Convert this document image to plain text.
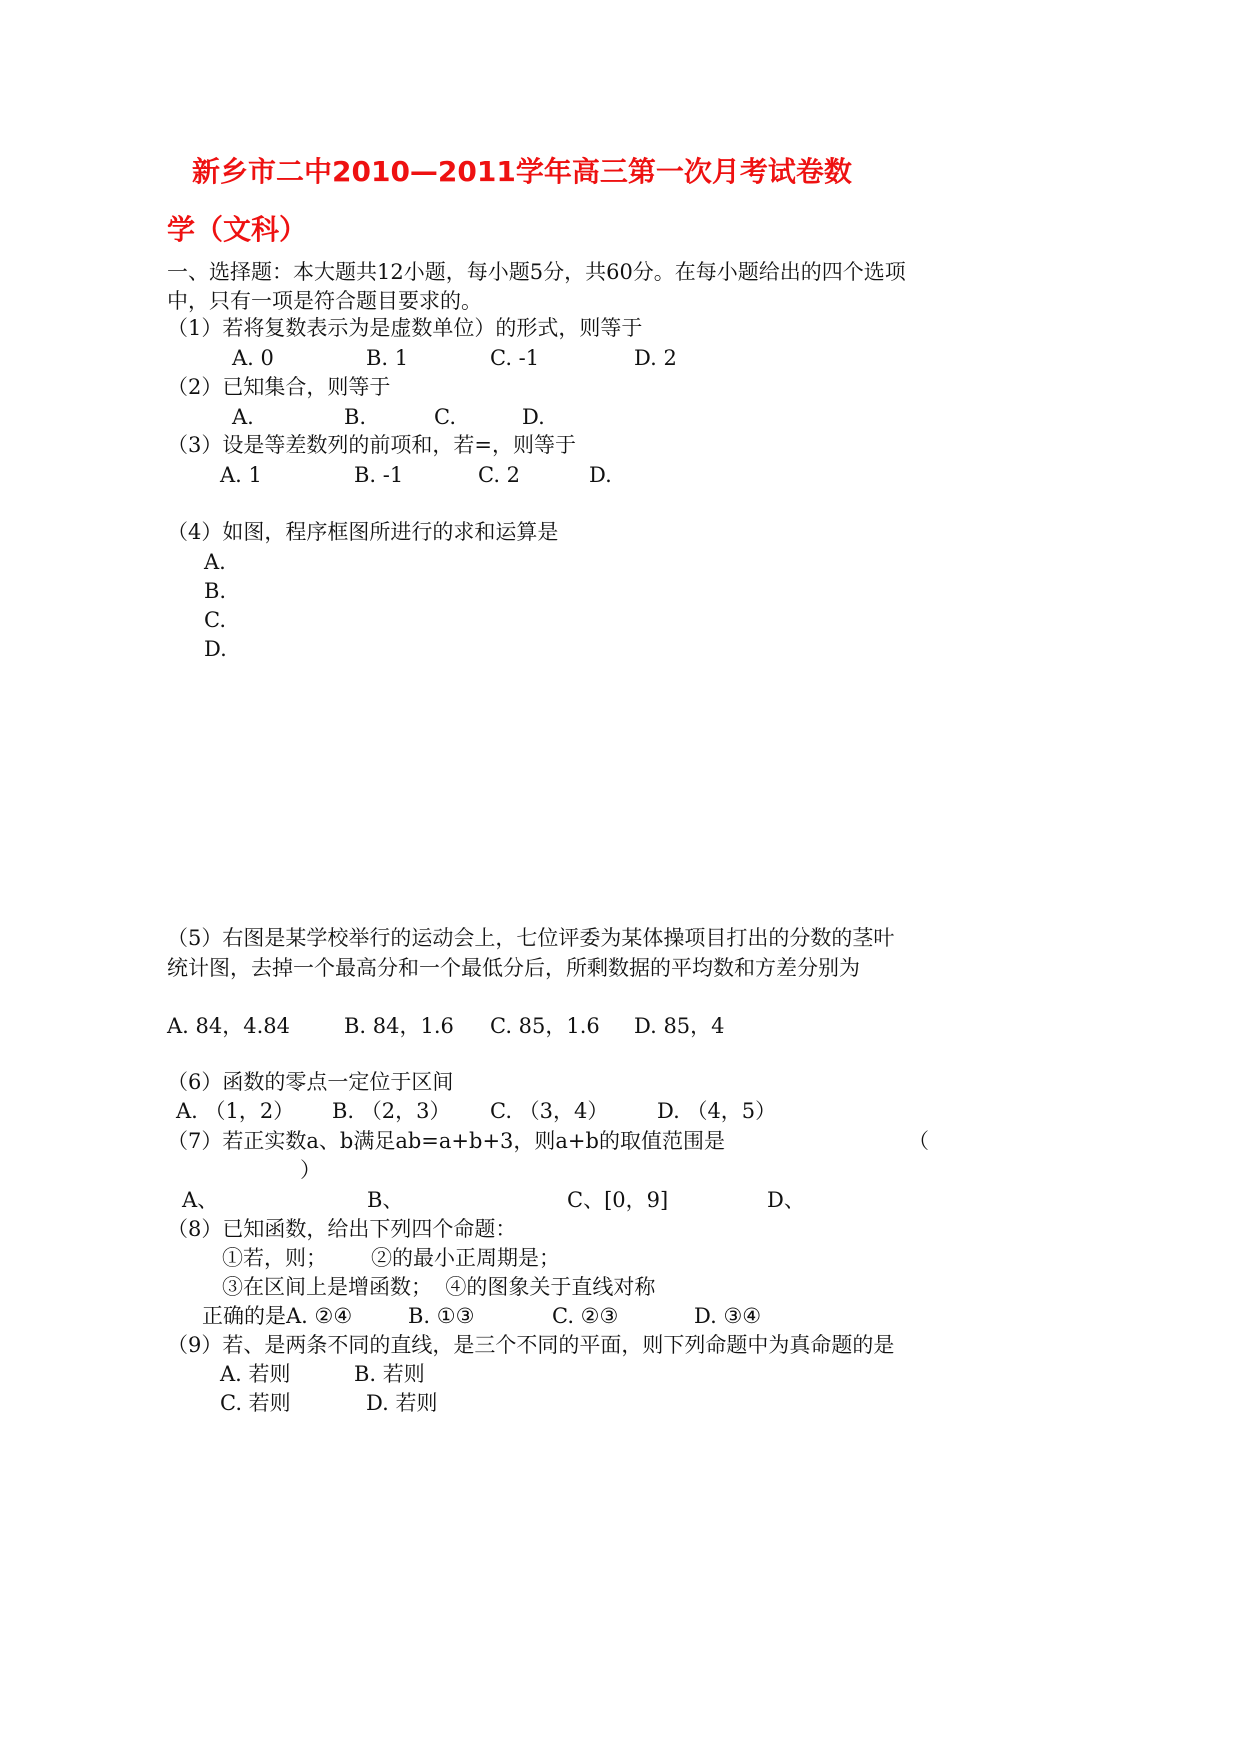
新乡市二中2010—2011学年高三第一次月考试卷数
学（文科）
一、选择题：本大题共12小题，每小题5分，共60分。在每小题给出的四个选项
中，只有一项是符合题目要求的。
（1）若将复数表示为是虚数单位）的形式，则等于
A. 0	B. 1	C. -1	D. 2
（2）已知集合，则等于
A.	B.	C.	D.
（3）设是等差数列的前项和，若=，则等于
A. 1	B. -1	C. 2	D.
（4）如图，程序框图所进行的求和运算是
A.
B.
C.
D.
（5）右图是某学校举行的运动会上，七位评委为某体操项目打出的分数的茎叶
统计图，去掉一个最高分和一个最低分后，所剩数据的平均数和方差分别为
A. 84，4.84	B. 84，1.6 C. 85，1.6 D. 85，4
（6）函数的零点一定位于区间
A. （1，2） B. （2，3） C. （3，4） D. （4，5）
（7）若正实数a、b满足ab=a+b+3，则a+b的取值范围是	（
）
A、	B、	C、[0，9]	D、
（8）已知函数，给出下列四个命题：
①若，则； ②的最小正周期是；
③在区间上是增函数；  ④的图象关于直线对称
正确的是 A. ②④	B. ①③	C. ②③	D. ③④
（9）若、是两条不同的直线，是三个不同的平面，则下列命题中为真命题的是
A. 若则	B. 若则
C. 若则	D. 若则
